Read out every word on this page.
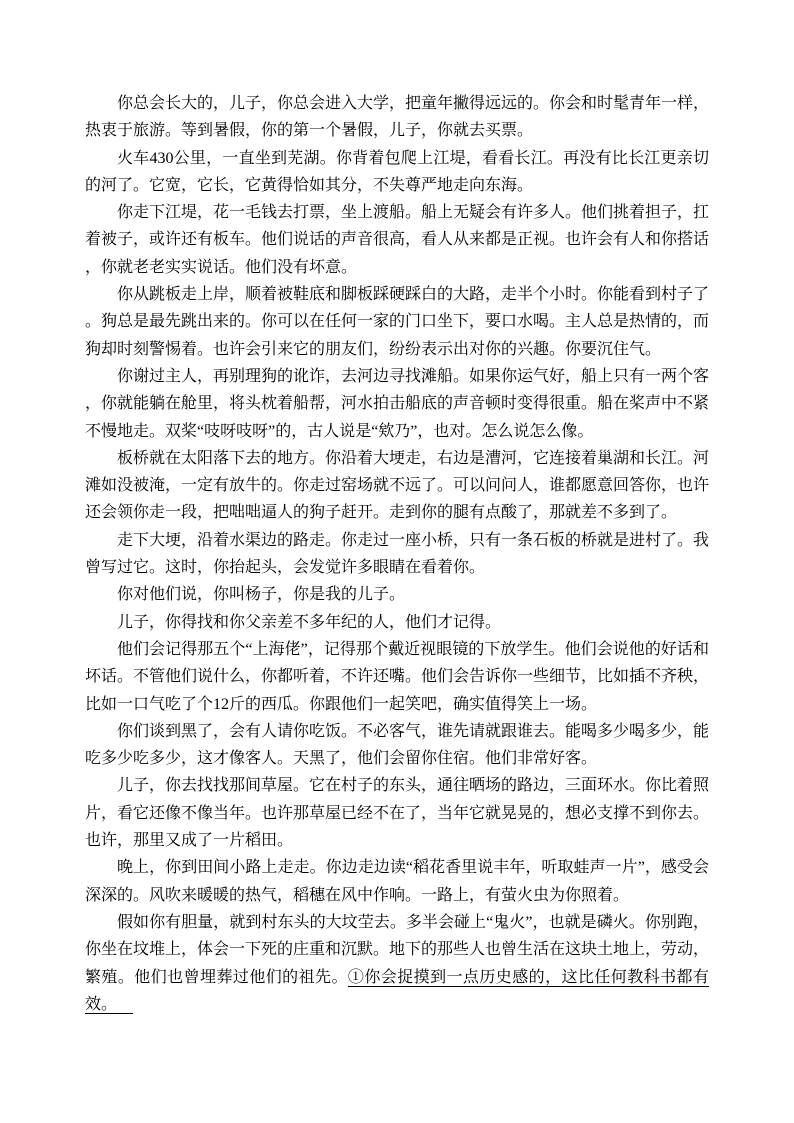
你总会长大的，儿子，你总会进入大学，把童年撇得远远的。你会和时髦青年一样，热衷于旅游。等到暑假，你的第一个暑假，儿子，你就去买票。

火车430公里，一直坐到芜湖。你背着包爬上江堤，看看长江。再没有比长江更亲切的河了。它宽，它长，它黄得恰如其分，不失尊严地走向东海。

你走下江堤，花一毛钱去打票，坐上渡船。船上无疑会有许多人。他们挑着担子，扛着被子，或许还有板车。他们说话的声音很高，看人从来都是正视。也许会有人和你搭话，你就老老实实说话。他们没有坏意。

你从跳板走上岸，顺着被鞋底和脚板踩硬踩白的大路，走半个小时。你能看到村子了。狗总是最先跳出来的。你可以在任何一家的门口坐下，要口水喝。主人总是热情的，而狗却时刻警惕着。也许会引来它的朋友们，纷纷表示出对你的兴趣。你要沉住气。

你谢过主人，再别理狗的讹诈，去河边寻找滩船。如果你运气好，船上只有一两个客，你就能躺在舱里，将头枕着船帮，河水拍击船底的声音顿时变得很重。船在桨声中不紧不慢地走。双桨“吱呀吱呀”的，古人说是“欸乃”，也对。怎么说怎么像。

板桥就在太阳落下去的地方。你沿着大埂走，右边是漕河，它连接着巢湖和长江。河滩如没被淹，一定有放牛的。你走过窑场就不远了。可以问问人，谁都愿意回答你，也许还会领你走一段，把咄咄逼人的狗子赶开。走到你的腿有点酸了，那就差不多到了。

走下大埂，沿着水渠边的路走。你走过一座小桥，只有一条石板的桥就是进村了。我曾写过它。这时，你抬起头，会发觉许多眼睛在看着你。

你对他们说，你叫杨子，你是我的儿子。

儿子，你得找和你父亲差不多年纪的人，他们才记得。

他们会记得那五个“上海佬”，记得那个戴近视眼镜的下放学生。他们会说他的好话和坏话。不管他们说什么，你都听着，不许还嘴。他们会告诉你一些细节，比如插不齐秧，比如一口气吃了个12斤的西瓜。你跟他们一起笑吧，确实值得笑上一场。

你们谈到黑了，会有人请你吃饭。不必客气，谁先请就跟谁去。能喝多少喝多少，能吃多少吃多少，这才像客人。天黑了，他们会留你住宿。他们非常好客。

儿子，你去找找那间草屋。它在村子的东头，通往晒场的路边，三面环水。你比着照片，看它还像不像当年。也许那草屋已经不在了，当年它就晃晃的，想必支撑不到你去。也许，那里又成了一片稻田。

晚上，你到田间小路上走走。你边走边读“稻花香里说丰年，听取蛙声一片”，感受会深深的。风吹来暖暖的热气，稻穗在风中作响。一路上，有萤火虫为你照着。

假如你有胆量，就到村东头的大坟茔去。多半会碰上“鬼火”，也就是磷火。你别跑，你坐在坟堆上，体会一下死的庄重和沉默。地下的那些人也曾生活在这块土地上，劳动，繁殖。他们也曾埋葬过他们的祖先。①你会捉摸到一点历史感的，这比任何教科书都有效。
